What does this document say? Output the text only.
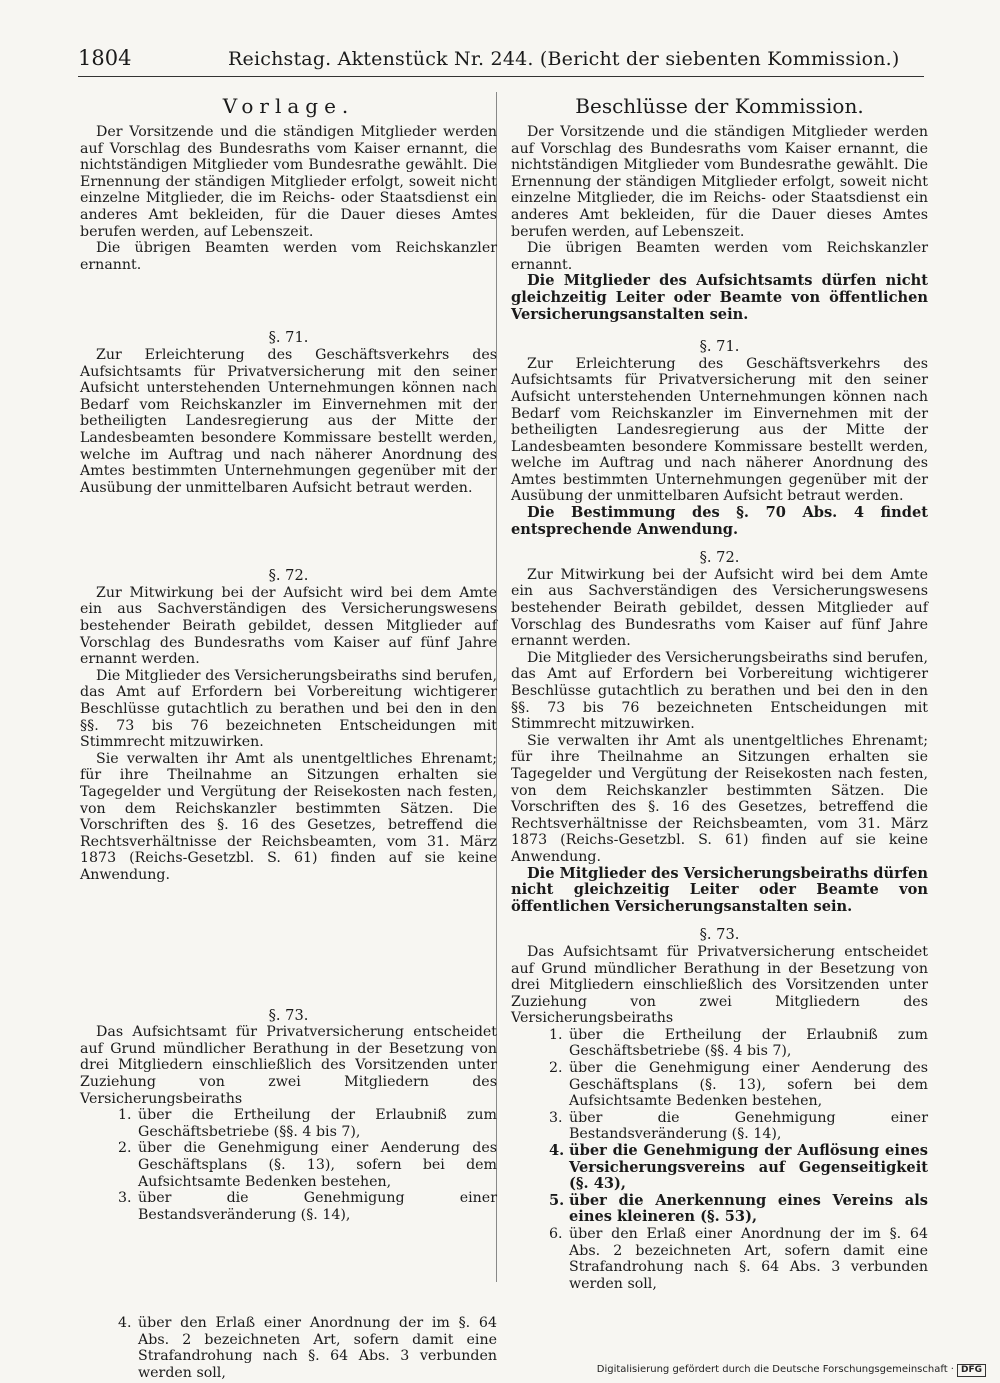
1804	Reichstag. Aktenstück Nr. 244. (Bericht der siebenten Kommission.)
Vorlage.

Der Vorsitzende und die ständigen Mitglieder werden auf Vorschlag des Bundesraths vom Kaiser ernannt, die nichtständigen Mitglieder vom Bundesrathe gewählt. Die Ernennung der ständigen Mitglieder erfolgt, soweit nicht einzelne Mitglieder, die im Reichs- oder Staatsdienst ein anderes Amt bekleiden, für die Dauer dieses Amtes berufen werden, auf Lebenszeit.

Die übrigen Beamten werden vom Reichskanzler ernannt.

§. 71.

Zur Erleichterung des Geschäftsverkehrs des Aufsichtsamts für Privatversicherung mit den seiner Aufsicht unterstehenden Unternehmungen können nach Bedarf vom Reichskanzler im Einvernehmen mit der betheiligten Landesregierung aus der Mitte der Landesbeamten besondere Kommissare bestellt werden, welche im Auftrag und nach näherer Anordnung des Amtes bestimmten Unternehmungen gegenüber mit der Ausübung der unmittelbaren Aufsicht betraut werden.

§. 72.

Zur Mitwirkung bei der Aufsicht wird bei dem Amte ein aus Sachverständigen des Versicherungswesens bestehender Beirath gebildet, dessen Mitglieder auf Vorschlag des Bundesraths vom Kaiser auf fünf Jahre ernannt werden.

Die Mitglieder des Versicherungsbeiraths sind berufen, das Amt auf Erfordern bei Vorbereitung wichtigerer Beschlüsse gutachtlich zu berathen und bei den in den §§. 73 bis 76 bezeichneten Entscheidungen mit Stimmrecht mitzuwirken.

Sie verwalten ihr Amt als unentgeltliches Ehrenamt; für ihre Theilnahme an Sitzungen erhalten sie Tagegelder und Vergütung der Reisekosten nach festen, von dem Reichskanzler bestimmten Sätzen. Die Vorschriften des §. 16 des Gesetzes, betreffend die Rechtsverhältnisse der Reichsbeamten, vom 31. März 1873 (Reichs-Gesetzbl. S. 61) finden auf sie keine Anwendung.

§. 73.

Das Aufsichtsamt für Privatversicherung entscheidet auf Grund mündlicher Berathung in der Besetzung von drei Mitgliedern einschließlich des Vorsitzenden unter Zuziehung von zwei Mitgliedern des Versicherungsbeiraths

1. über die Ertheilung der Erlaubniß zum Geschäftsbetriebe (§§. 4 bis 7),
2. über die Genehmigung einer Aenderung des Geschäftsplans (§. 13), sofern bei dem Aufsichtsamte Bedenken bestehen,
3. über die Genehmigung einer Bestandsveränderung (§. 14),
4. über den Erlaß einer Anordnung der im §. 64 Abs. 2 bezeichneten Art, sofern damit eine Strafandrohung nach §. 64 Abs. 3 verbunden werden soll,
Beschlüsse der Kommission.

Der Vorsitzende und die ständigen Mitglieder werden auf Vorschlag des Bundesraths vom Kaiser ernannt, die nichtständigen Mitglieder vom Bundesrathe gewählt. Die Ernennung der ständigen Mitglieder erfolgt, soweit nicht einzelne Mitglieder, die im Reichs- oder Staatsdienst ein anderes Amt bekleiden, für die Dauer dieses Amtes berufen werden, auf Lebenszeit.

Die übrigen Beamten werden vom Reichskanzler ernannt.

Die Mitglieder des Aufsichtsamts dürfen nicht gleichzeitig Leiter oder Beamte von öffentlichen Versicherungsanstalten sein.

§. 71.

Zur Erleichterung des Geschäftsverkehrs des Aufsichtsamts für Privatversicherung mit den seiner Aufsicht unterstehenden Unternehmungen können nach Bedarf vom Reichskanzler im Einvernehmen mit der betheiligten Landesregierung aus der Mitte der Landesbeamten besondere Kommissare bestellt werden, welche im Auftrag und nach näherer Anordnung des Amtes bestimmten Unternehmungen gegenüber mit der Ausübung der unmittelbaren Aufsicht betraut werden.

Die Bestimmung des §. 70 Abs. 4 findet entsprechende Anwendung.

§. 72.

Zur Mitwirkung bei der Aufsicht wird bei dem Amte ein aus Sachverständigen des Versicherungswesens bestehender Beirath gebildet, dessen Mitglieder auf Vorschlag des Bundesraths vom Kaiser auf fünf Jahre ernannt werden.

Die Mitglieder des Versicherungsbeiraths sind berufen, das Amt auf Erfordern bei Vorbereitung wichtigerer Beschlüsse gutachtlich zu berathen und bei den in den §§. 73 bis 76 bezeichneten Entscheidungen mit Stimmrecht mitzuwirken.

Sie verwalten ihr Amt als unentgeltliches Ehrenamt; für ihre Theilnahme an Sitzungen erhalten sie Tagegelder und Vergütung der Reisekosten nach festen, von dem Reichskanzler bestimmten Sätzen. Die Vorschriften des §. 16 des Gesetzes, betreffend die Rechtsverhältnisse der Reichsbeamten, vom 31. März 1873 (Reichs-Gesetzbl. S. 61) finden auf sie keine Anwendung.

Die Mitglieder des Versicherungsbeiraths dürfen nicht gleichzeitig Leiter oder Beamte von öffentlichen Versicherungsanstalten sein.

§. 73.

Das Aufsichtsamt für Privatversicherung entscheidet auf Grund mündlicher Berathung in der Besetzung von drei Mitgliedern einschließlich des Vorsitzenden unter Zuziehung von zwei Mitgliedern des Versicherungsbeiraths

1. über die Ertheilung der Erlaubniß zum Geschäftsbetriebe (§§. 4 bis 7),
2. über die Genehmigung einer Aenderung des Geschäftsplans (§. 13), sofern bei dem Aufsichtsamte Bedenken bestehen,
3. über die Genehmigung einer Bestandsveränderung (§. 14),
4. über die Genehmigung der Auflösung eines Versicherungsvereins auf Gegenseitigkeit (§. 43),
5. über die Anerkennung eines Vereins als eines kleineren (§. 53),
6. über den Erlaß einer Anordnung der im §. 64 Abs. 2 bezeichneten Art, sofern damit eine Strafandrohung nach §. 64 Abs. 3 verbunden werden soll,
Digitalisierung gefördert durch die Deutsche Forschungsgemeinschaft · DFG
